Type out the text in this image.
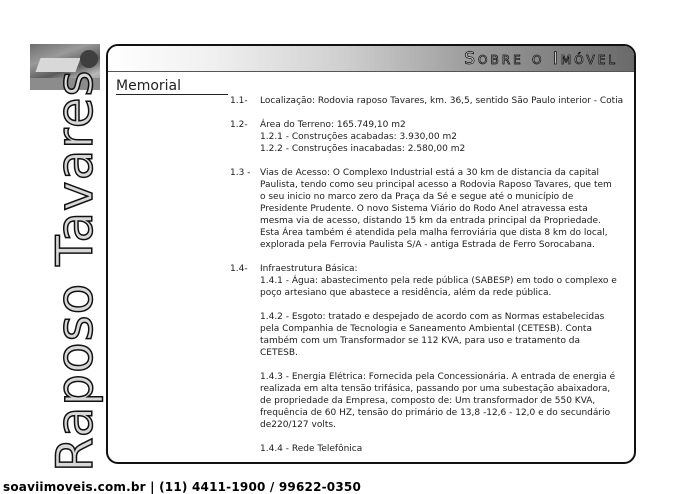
Raposo Tavares
Sobre o Imóvel
Memorial
1.1- Localização: Rodovia raposo Tavares, km. 36,5, sentido São Paulo interior - Cotia
1.2- Área do Terreno: 165.749,10 m2
1.2.1 - Construções acabadas: 3.930,00 m2
1.2.2 - Construções inacabadas: 2.580,00 m2
1.3 - Vias de Acesso: O Complexo Industrial está a 30 km de distancia da capital
Paulista, tendo como seu principal acesso a Rodovia Raposo Tavares, que tem
o seu inicio no marco zero da Praça da Sé e segue até o município de
Presidente Prudente. O novo Sistema Viário do Rodo Anel atravessa esta
mesma via de acesso, distando 15 km da entrada principal da Propriedade.
Esta Área também é atendida pela malha ferroviária que dista 8 km do local,
explorada pela Ferrovia Paulista S/A - antiga Estrada de Ferro Sorocabana.
1.4- Infraestrutura Básica:
1.4.1 - Água: abastecimento pela rede pública (SABESP) em todo o complexo e
poço artesiano que abastece a residência, além da rede pública.
1.4.2 - Esgoto: tratado e despejado de acordo com as Normas estabelecidas
pela Companhia de Tecnologia e Saneamento Ambiental (CETESB). Conta
também com um Transformador se 112 KVA, para uso e tratamento da
CETESB.
1.4.3 - Energia Elétrica: Fornecida pela Concessionária. A entrada de energia é
realizada em alta tensão trifásica, passando por uma subestação abaixadora,
de propriedade da Empresa, composto de: Um transformador de 550 KVA,
frequência de 60 HZ, tensão do primário de 13,8 -12,6 - 12,0 e do secundário
de220/127 volts.
1.4.4 - Rede Telefônica
soaviimoveis.com.br | (11) 4411-1900 / 99622-0350
